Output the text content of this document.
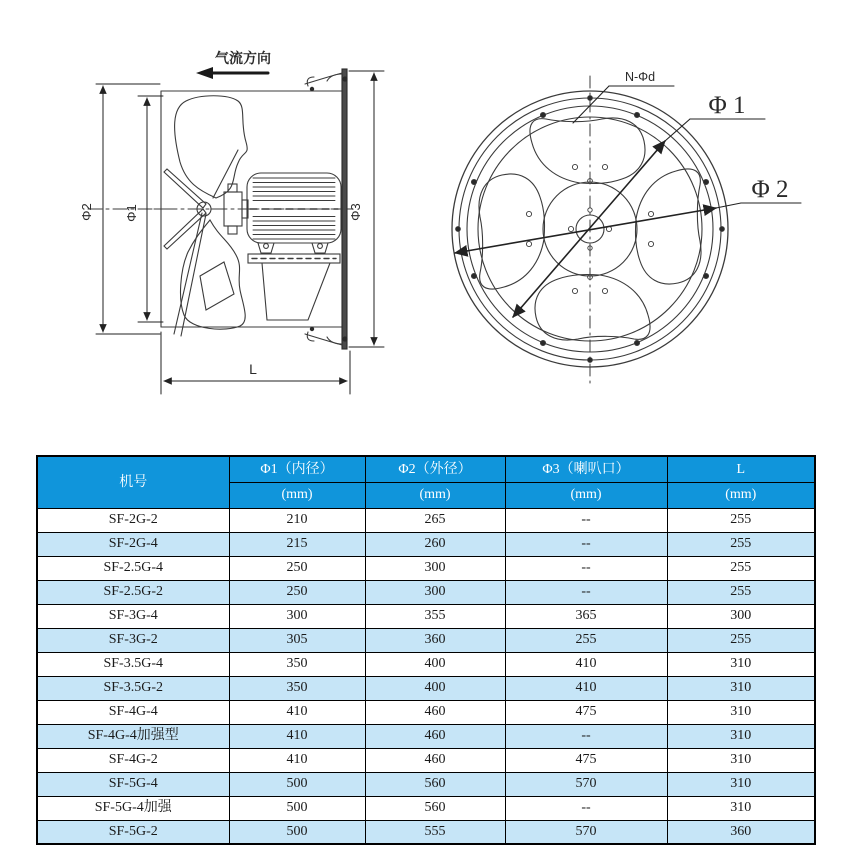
气流方向
Φ2 Φ1	Φ3
L
N-Φd
Φ 1
Φ 2
机号	Φ1（内径）	Φ2（外径）	Φ3（喇叭口）	L
	(mm)	(mm)	(mm)	(mm)
SF-2G-2	210	265	--	255
SF-2G-4	215	260	--	255
SF-2.5G-4	250	300	--	255
SF-2.5G-2	250	300	--	255
SF-3G-4	300	355	365	300
SF-3G-2	305	360	255	255
SF-3.5G-4	350	400	410	310
SF-3.5G-2	350	400	410	310
SF-4G-4	410	460	475	310
SF-4G-4加强型	410	460	--	310
SF-4G-2	410	460	475	310
SF-5G-4	500	560	570	310
SF-5G-4加强	500	560	--	310
SF-5G-2	500	555	570	360
